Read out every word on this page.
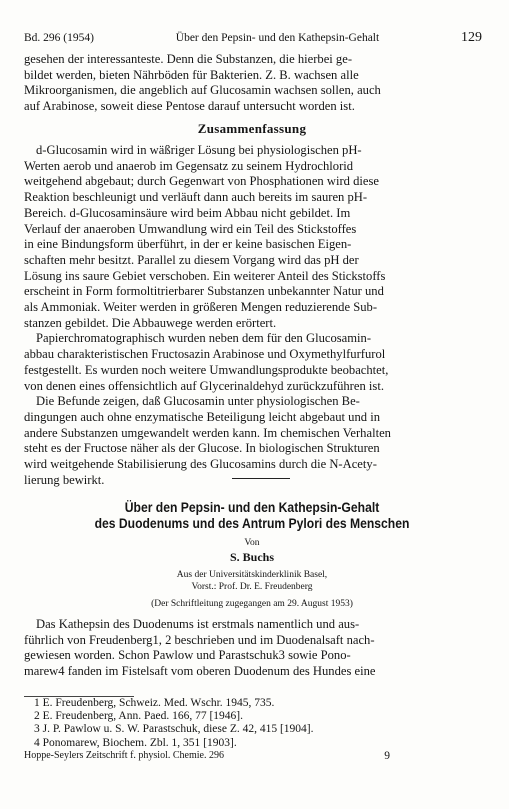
Bd. 296 (1954)	Über den Pepsin- und den Kathepsin-Gehalt	129
gesehen der interessanteste. Denn die Substanzen, die hierbei ge-
bildet werden, bieten Nährböden für Bakterien. Z. B. wachsen alle
Mikroorganismen, die angeblich auf Glucosamin wachsen sollen, auch
auf Arabinose, soweit diese Pentose darauf untersucht worden ist.
Zusammenfassung
d-Glucosamin wird in wäßriger Lösung bei physiologischen pH-
Werten aerob und anaerob im Gegensatz zu seinem Hydrochlorid
weitgehend abgebaut; durch Gegenwart von Phosphationen wird diese
Reaktion beschleunigt und verläuft dann auch bereits im sauren pH-
Bereich. d-Glucosaminsäure wird beim Abbau nicht gebildet. Im
Verlauf der anaeroben Umwandlung wird ein Teil des Stickstoffes
in eine Bindungsform überführt, in der er keine basischen Eigen-
schaften mehr besitzt. Parallel zu diesem Vorgang wird das pH der
Lösung ins saure Gebiet verschoben. Ein weiterer Anteil des Stickstoffs
erscheint in Form formoltitrierbarer Substanzen unbekannter Natur und
als Ammoniak. Weiter werden in größeren Mengen reduzierende Sub-
stanzen gebildet. Die Abbauwege werden erörtert.
Papierchromatographisch wurden neben dem für den Glucosamin-
abbau charakteristischen Fructosazin Arabinose und Oxymethylfurfurol
festgestellt. Es wurden noch weitere Umwandlungsprodukte beobachtet,
von denen eines offensichtlich auf Glycerinaldehyd zurückzuführen ist.
Die Befunde zeigen, daß Glucosamin unter physiologischen Be-
dingungen auch ohne enzymatische Beteiligung leicht abgebaut und in
andere Substanzen umgewandelt werden kann. Im chemischen Verhalten
steht es der Fructose näher als der Glucose. In biologischen Strukturen
wird weitgehende Stabilisierung des Glucosamins durch die N-Acety-
lierung bewirkt.
Über den Pepsin- und den Kathepsin-Gehalt
des Duodenums und des Antrum Pylori des Menschen
Von
S. Buchs
Aus der Universitätskinderklinik Basel,
Vorst.: Prof. Dr. E. Freudenberg
(Der Schriftleitung zugegangen am 29. August 1953)
Das Kathepsin des Duodenums ist erstmals namentlich und aus-
führlich von Freudenberg1, 2 beschrieben und im Duodenalsaft nach-
gewiesen worden. Schon Pawlow und Parastschuk3 sowie Pono-
marew4 fanden im Fistelsaft vom oberen Duodenum des Hundes eine
1 E. Freudenberg, Schweiz. Med. Wschr. 1945, 735.
2 E. Freudenberg, Ann. Paed. 166, 77 [1946].
3 J. P. Pawlow u. S. W. Parastschuk, diese Z. 42, 415 [1904].
4 Ponomarew, Biochem. Zbl. 1, 351 [1903].
Hoppe-Seylers Zeitschrift f. physiol. Chemie. 296	9
